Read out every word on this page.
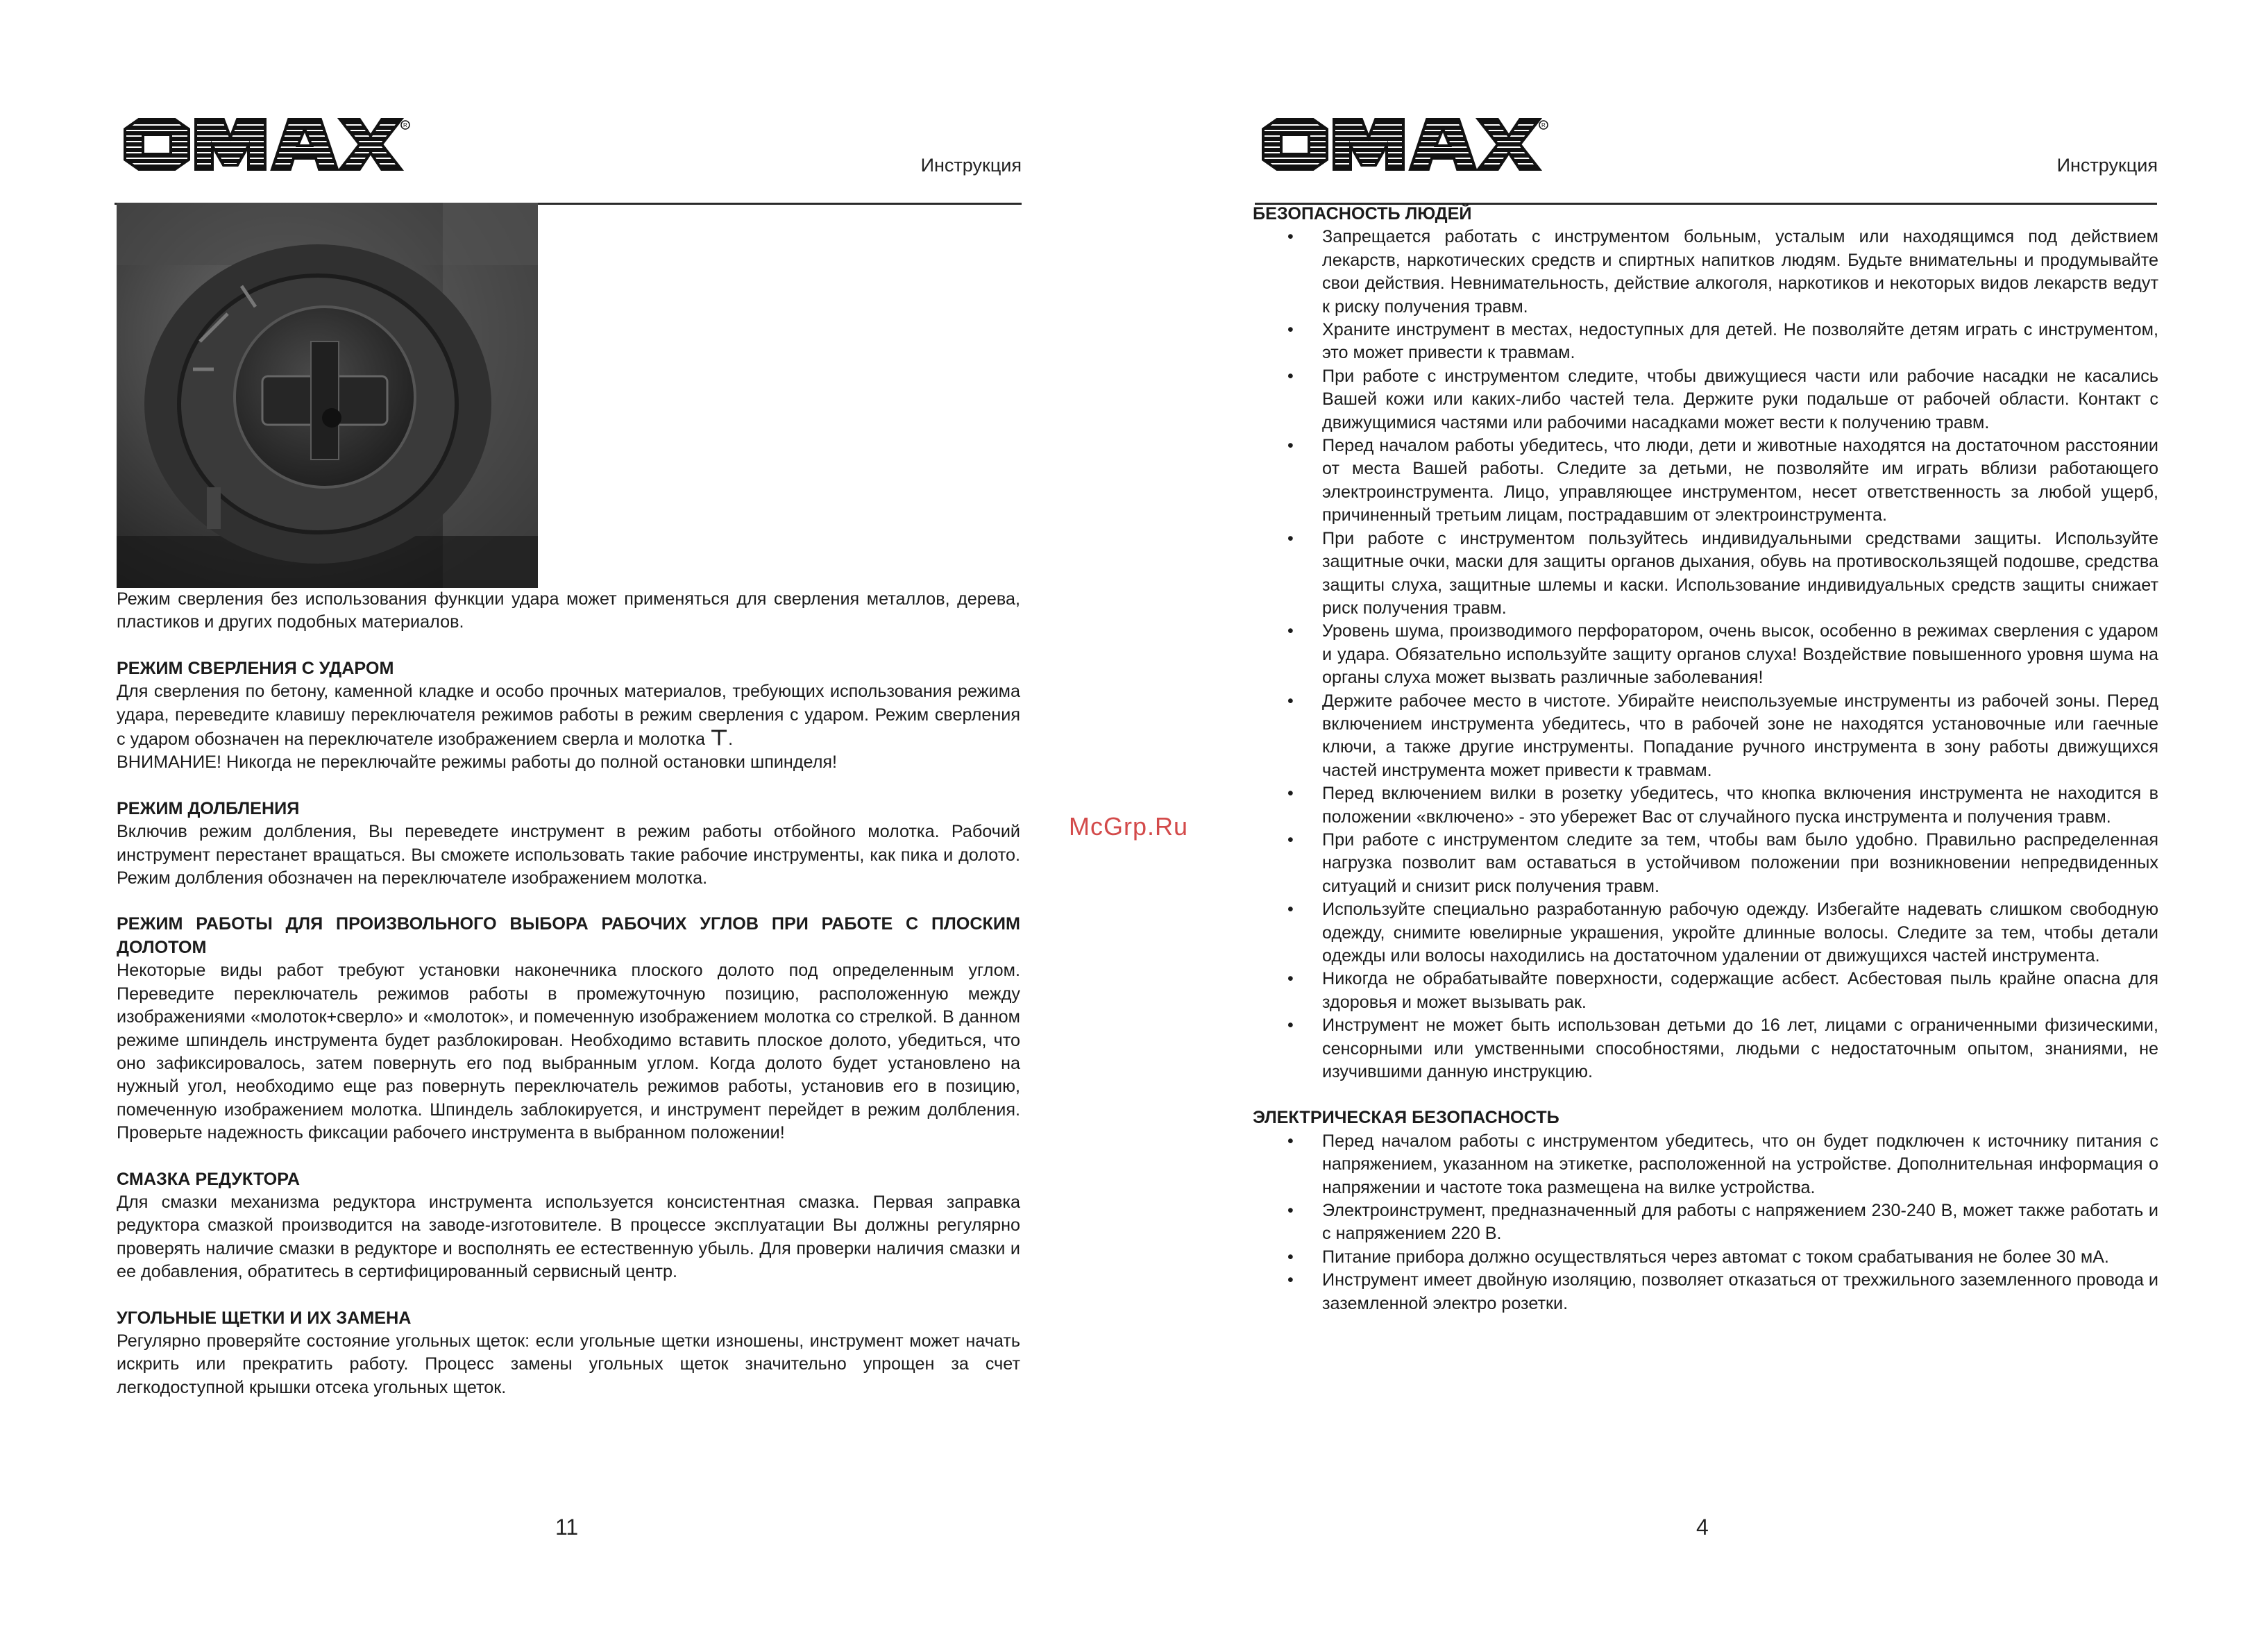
R
Инструкция

Режим сверления без использования функции удара может применяться для сверления металлов, дерева, пластиков и других подобных материалов.

РЕЖИМ СВЕРЛЕНИЯ С УДАРОМ

Для сверления по бетону, каменной кладке и особо прочных материалов, требующих использования режима удара, переведите клавишу переключателя режимов работы в режим сверления с ударом. Режим сверления с ударом обозначен на переключателе изображением сверла и молотка ⊤.

ВНИМАНИЕ! Никогда не переключайте режимы работы до полной остановки шпинделя!

РЕЖИМ ДОЛБЛЕНИЯ

Включив режим долбления, Вы переведете инструмент в режим работы отбойного молотка. Рабочий инструмент перестанет вращаться. Вы сможете использовать такие рабочие инструменты, как пика и долото. Режим долбления обозначен на переключателе изображением молотка.

РЕЖИМ РАБОТЫ ДЛЯ ПРОИЗВОЛЬНОГО ВЫБОРА РАБОЧИХ УГЛОВ ПРИ РАБОТЕ С ПЛОСКИМ ДОЛОТОМ

Некоторые виды работ требуют установки наконечника плоского долото под определенным углом. Переведите переключатель режимов работы в промежуточную позицию, расположенную между изображениями «молоток+сверло» и «молоток», и помеченную изображением молотка со стрелкой. В данном режиме шпиндель инструмента будет разблокирован. Необходимо вставить плоское долото, убедиться, что оно зафиксировалось, затем повернуть его под выбранным углом. Когда долото будет установлено на нужный угол, необходимо еще раз повернуть переключатель режимов работы, установив его в позицию, помеченную изображением молотка. Шпиндель заблокируется, и инструмент перейдет в режим долбления. Проверьте надежность фиксации рабочего инструмента в выбранном положении!

СМАЗКА РЕДУКТОРА

Для смазки механизма редуктора инструмента используется консистентная смазка. Первая заправка редуктора смазкой производится на заводе-изготовителе. В процессе эксплуатации Вы должны регулярно проверять наличие смазки в редукторе и восполнять ее естественную убыль. Для проверки наличия смазки и ее добавления, обратитесь в сертифицированный сервисный центр.

УГОЛЬНЫЕ ЩЕТКИ И ИХ ЗАМЕНА

Регулярно проверяйте состояние угольных щеток: если угольные щетки изношены, инструмент может начать искрить или прекратить работу. Процесс замены угольных щеток значительно упрощен за счет легкодоступной крышки отсека угольных щеток.

11
R
Инструкция
БЕЗОПАСНОСТЬ ЛЮДЕЙ
• Запрещается работать с инструментом больным, усталым или находящимся под действием лекарств, наркотических средств и спиртных напитков людям. Будьте внимательны и продумывайте свои действия. Невнимательность, действие алкоголя, наркотиков и некоторых видов лекарств ведут к риску получения травм.
• Храните инструмент в местах, недоступных для детей. Не позволяйте детям играть с инструментом, это может привести к травмам.
• При работе с инструментом следите, чтобы движущиеся части или рабочие насадки не касались Вашей кожи или каких-либо частей тела. Держите руки подальше от рабочей области. Контакт с движущимися частями или рабочими насадками может вести к получению травм.
• Перед началом работы убедитесь, что люди, дети и животные находятся на достаточном расстоянии от места Вашей работы. Следите за детьми, не позволяйте им играть вблизи работающего электроинструмента. Лицо, управляющее инструментом, несет ответственность за любой ущерб, причиненный третьим лицам, пострадавшим от электроинструмента.
• При работе с инструментом пользуйтесь индивидуальными средствами защиты. Используйте защитные очки, маски для защиты органов дыхания, обувь на противоскользящей подошве, средства защиты слуха, защитные шлемы и каски. Использование индивидуальных средств защиты снижает риск получения травм.
• Уровень шума, производимого перфоратором, очень высок, особенно в режимах сверления с ударом и удара. Обязательно используйте защиту органов слуха! Воздействие повышенного уровня шума на органы слуха может вызвать различные заболевания!
• Держите рабочее место в чистоте. Убирайте неиспользуемые инструменты из рабочей зоны. Перед включением инструмента убедитесь, что в рабочей зоне не находятся установочные или гаечные ключи, а также другие инструменты. Попадание ручного инструмента в зону работы движущихся частей инструмента может привести к травмам.
• Перед включением вилки в розетку убедитесь, что кнопка включения инструмента не находится в положении «включено» - это убережет Вас от случайного пуска инструмента и получения травм.
• При работе с инструментом следите за тем, чтобы вам было удобно. Правильно распределенная нагрузка позволит вам оставаться в устойчивом положении при возникновении непредвиденных ситуаций и снизит риск получения травм.
• Используйте специально разработанную рабочую одежду. Избегайте надевать слишком свободную одежду, снимите ювелирные украшения, укройте длинные волосы. Следите за тем, чтобы детали одежды или волосы находились на достаточном удалении от движущихся частей инструмента.
• Никогда не обрабатывайте поверхности, содержащие асбест. Асбестовая пыль крайне опасна для здоровья и может вызывать рак.
• Инструмент не может быть использован детьми до 16 лет, лицами с ограниченными физическими, сенсорными или умственными способностями, людьми с недостаточным опытом, знаниями, не изучившими данную инструкцию.
ЭЛЕКТРИЧЕСКАЯ БЕЗОПАСНОСТЬ
• Перед началом работы с инструментом убедитесь, что он будет подключен к источнику питания с напряжением, указанном на этикетке, расположенной на устройстве. Дополнительная информация о напряжении и частоте тока размещена на вилке устройства.
• Электроинструмент, предназначенный для работы с напряжением 230-240 В, может также работать и с напряжением 220 В.
• Питание прибора должно осуществляться через автомат с током срабатывания не более 30 мА.
• Инструмент имеет двойную изоляцию, позволяет отказаться от трехжильного заземленного провода и заземленной электро розетки.
4
McGrp.Ru
